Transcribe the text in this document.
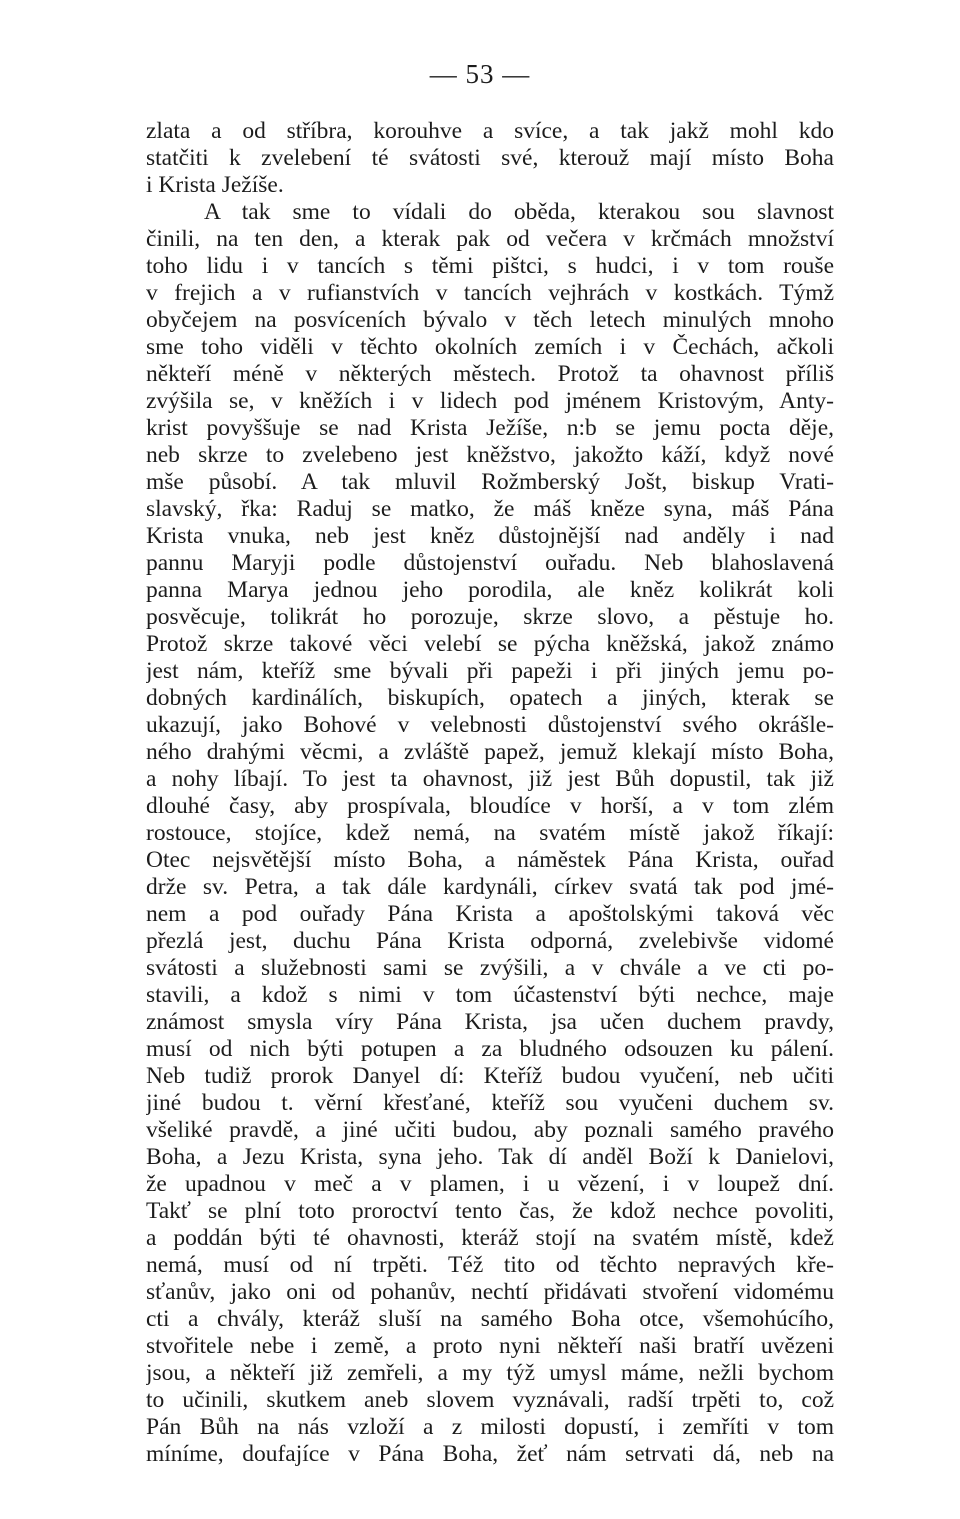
— 53 —
zlata a od stříbra, korouhve a svíce, a tak jakž mohl kdo
statčiti k zvelebení té svátosti své, kterouž mají místo Boha
i Krista Ježíše.
A tak sme to vídali do oběda, kterakou sou slavnost
činili, na ten den, a kterak pak od večera v krčmách množství
toho lidu i v tancích s těmi pištci, s hudci, i v tom rouše
v frejich a v rufianstvích v tancích vejhrách v kostkách. Týmž
obyčejem na posvíceních bývalo v těch letech minulých mnoho
sme toho viděli v těchto okolních zemích i v Čechách, ačkoli
někteří méně v některých městech. Protož ta ohavnost příliš
zvýšila se, v kněžích i v lidech pod jménem Kristovým, Anty-
krist povyššuje se nad Krista Ježíše, n:b se jemu pocta děje,
neb skrze to zvelebeno jest kněžstvo, jakožto káží, když nové
mše působí. A tak mluvil Rožmberský Jošt, biskup Vrati-
slavský, řka: Raduj se matko, že máš kněze syna, máš Pána
Krista vnuka, neb jest kněz důstojnější nad anděly i nad
pannu Maryji podle důstojenství ouřadu. Neb blahoslavená
panna Marya jednou jeho porodila, ale kněz kolikrát koli
posvěcuje, tolikrát ho porozuje, skrze slovo, a pěstuje ho.
Protož skrze takové věci velebí se pýcha kněžská, jakož známo
jest nám, kteříž sme bývali při papeži i při jiných jemu po-
dobných kardinálích, biskupích, opatech a jiných, kterak se
ukazují, jako Bohové v velebnosti důstojenství svého okrášle-
ného drahými věcmi, a zvláště papež, jemuž klekají místo Boha,
a nohy líbají. To jest ta ohavnost, již jest Bůh dopustil, tak již
dlouhé časy, aby prospívala, bloudíce v horší, a v tom zlém
rostouce, stojíce, kdež nemá, na svatém místě jakož říkají:
Otec nejsvětější místo Boha, a náměstek Pána Krista, ouřad
drže sv. Petra, a tak dále kardynáli, církev svatá tak pod jmé-
nem a pod ouřady Pána Krista a apoštolskými taková věc
přezlá jest, duchu Pána Krista odporná, zvelebivše vidomé
svátosti a služebnosti sami se zvýšili, a v chvále a ve cti po-
stavili, a kdož s nimi v tom účastenství býti nechce, maje
známost smysla víry Pána Krista, jsa učen duchem pravdy,
musí od nich býti potupen a za bludného odsouzen ku pálení.
Neb tudiž prorok Danyel dí: Kteříž budou vyučení, neb učiti
jiné budou t. věrní křesťané, kteříž sou vyučeni duchem sv.
všeliké pravdě, a jiné učiti budou, aby poznali samého pravého
Boha, a Jezu Krista, syna jeho. Tak dí anděl Boží k Danielovi,
že upadnou v meč a v plamen, i u vězení, i v loupež dní.
Takť se plní toto proroctví tento čas, že kdož nechce povoliti,
a poddán býti té ohavnosti, kteráž stojí na svatém místě, kdež
nemá, musí od ní trpěti. Též tito od těchto nepravých kře-
sťanův, jako oni od pohanův, nechtí přidávati stvoření vidomému
cti a chvály, kteráž sluší na samého Boha otce, všemohúcího,
stvořitele nebe i země, a proto nyni někteří naši bratří uvězeni
jsou, a někteří již zemřeli, a my týž umysl máme, nežli bychom
to učinili, skutkem aneb slovem vyznávali, radší trpěti to, což
Pán Bůh na nás vzloží a z milosti dopustí, i zemříti v tom
míníme, doufajíce v Pána Boha, žeť nám setrvati dá, neb na
